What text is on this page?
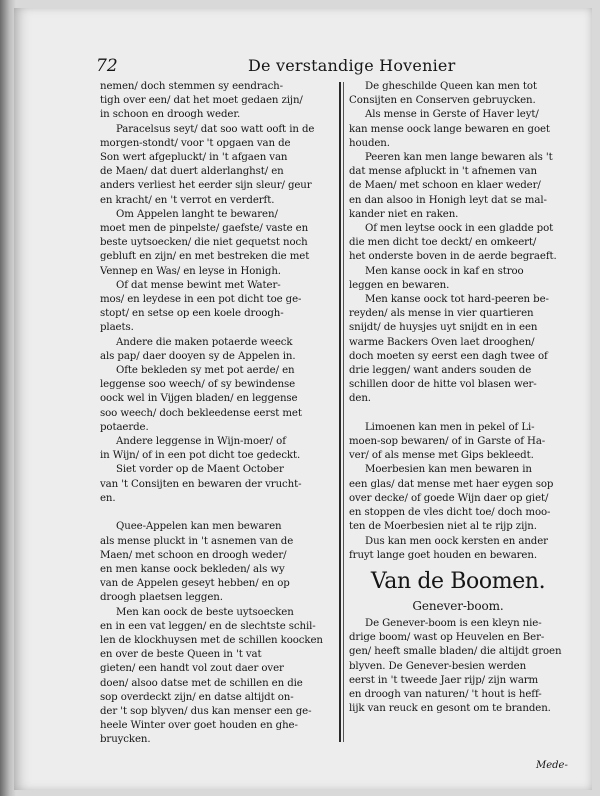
72	De verstandige Hovenier
nemen/ doch stemmen sy eendrach-
tigh over een/ dat het moet gedaen zijn/
in schoon en droogh weder.
Paracelsus seyt/ dat soo watt ooft in de
morgen-stondt/ voor 't opgaen van de
Son wert afgepluckt/ in 't afgaen van
de Maen/ dat duert alderlanghst/ en
anders verliest het eerder sijn sleur/ geur
en kracht/ en 't verrot en verderft.
Om Appelen langht te bewaren/
moet men de pinpelste/ gaefste/ vaste en
beste uytsoecken/ die niet gequetst noch
gebluft en zijn/ en met bestreken die met
Vennep en Was/ en leyse in Honigh.
Of dat mense bewint met Water-
mos/ en leydese in een pot dicht toe ge-
stopt/ en setse op een koele droogh-
plaets.
Andere die maken potaerde weeck
als pap/ daer dooyen sy de Appelen in.
Ofte bekleden sy met pot aerde/ en
leggense soo weech/ of sy bewindense
oock wel in Vijgen bladen/ en leggense
soo weech/ doch bekleedense eerst met
potaerde.
Andere leggense in Wijn-moer/ of
in Wijn/ of in een pot dicht toe gedeckt.
Siet vorder op de Maent October
van 't Consijten en bewaren der vrucht-
en.

Quee-Appelen kan men bewaren
als mense pluckt in 't asnemen van de
Maen/ met schoon en droogh weder/
en men kanse oock bekleden/ als wy
van de Appelen geseyt hebben/ en op
droogh plaetsen leggen.
Men kan oock de beste uytsoecken
en in een vat leggen/ en de slechtste schil-
len de klockhuysen met de schillen koocken
en over de beste Queen in 't vat
gieten/ een handt vol zout daer over
doen/ alsoo datse met de schillen en die
sop overdeckt zijn/ en datse altijdt on-
der 't sop blyven/ dus kan menser een ge-
heele Winter over goet houden en ghe-
bruycken.
De gheschilde Queen kan men tot
Consijten en Conserven gebruycken.
Als mense in Gerste of Haver leyt/
kan mense oock lange bewaren en goet
houden.
Peeren kan men lange bewaren als 't
dat mense afpluckt in 't afnemen van
de Maen/ met schoon en klaer weder/
en dan alsoo in Honigh leyt dat se mal-
kander niet en raken.
Of men leytse oock in een gladde pot
die men dicht toe deckt/ en omkeert/
het onderste boven in de aerde begraeft.
Men kanse oock in kaf en stroo
leggen en bewaren.
Men kanse oock tot hard-peeren be-
reyden/ als mense in vier quartieren
snijdt/ de huysjes uyt snijdt en in een
warme Backers Oven laet drooghen/
doch moeten sy eerst een dagh twee of
drie leggen/ want anders souden de
schillen door de hitte vol blasen wer-
den.

Limoenen kan men in pekel of Li-
moen-sop bewaren/ of in Garste of Ha-
ver/ of als mense met Gips bekleedt.
Moerbesien kan men bewaren in
een glas/ dat mense met haer eygen sop
over decke/ of goede Wijn daer op giet/
en stoppen de vles dicht toe/ doch moo-
ten de Moerbesien niet al te rijp zijn.
Dus kan men oock kersten en ander
fruyt lange goet houden en bewaren.
Van de Boomen.
Genever-boom.
De Genever-boom is een kleyn nie-
drige boom/ wast op Heuvelen en Ber-
gen/ heeft smalle bladen/ die altijdt groen
blyven. De Genever-besien werden
eerst in 't tweede Jaer rijp/ zijn warm
en droogh van naturen/ 't hout is heff-
lijk van reuck en gesont om te branden.
Mede-
